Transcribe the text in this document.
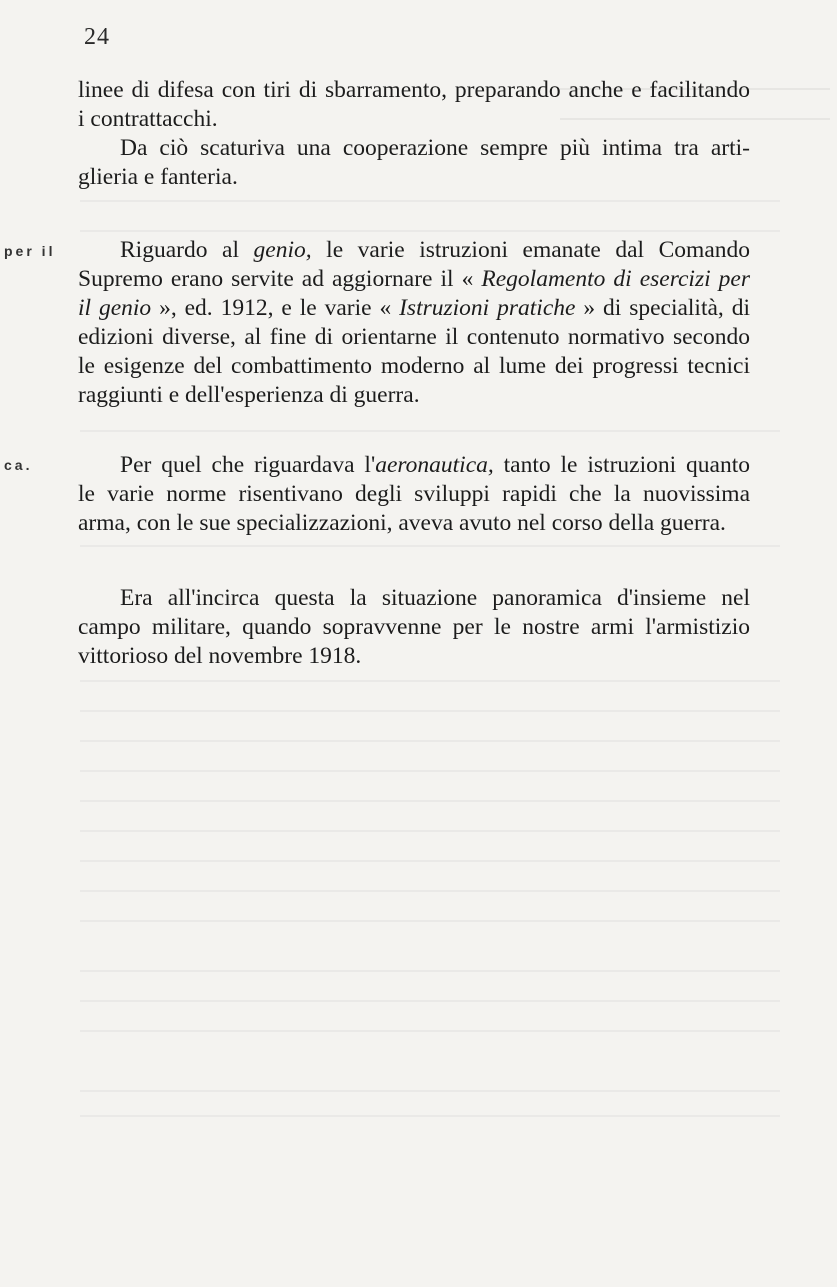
24
per il
ca.
linee di difesa con tiri di sbarramento, preparando anche e facilitando
i contrattacchi.
Da ciò scaturiva una cooperazione sempre più intima tra arti-
glieria e fanteria.
Riguardo al genio, le varie istruzioni emanate dal Comando
Supremo erano servite ad aggiornare il « Regolamento di esercizi per
il genio », ed. 1912, e le varie « Istruzioni pratiche » di specialità, di
edizioni diverse, al fine di orientarne il contenuto normativo secondo
le esigenze del combattimento moderno al lume dei progressi tecnici
raggiunti e dell'esperienza di guerra.
Per quel che riguardava l'aeronautica, tanto le istruzioni quanto
le varie norme risentivano degli sviluppi rapidi che la nuovissima
arma, con le sue specializzazioni, aveva avuto nel corso della guerra.
Era all'incirca questa la situazione panoramica d'insieme nel
campo militare, quando sopravvenne per le nostre armi l'armistizio
vittorioso del novembre 1918.
